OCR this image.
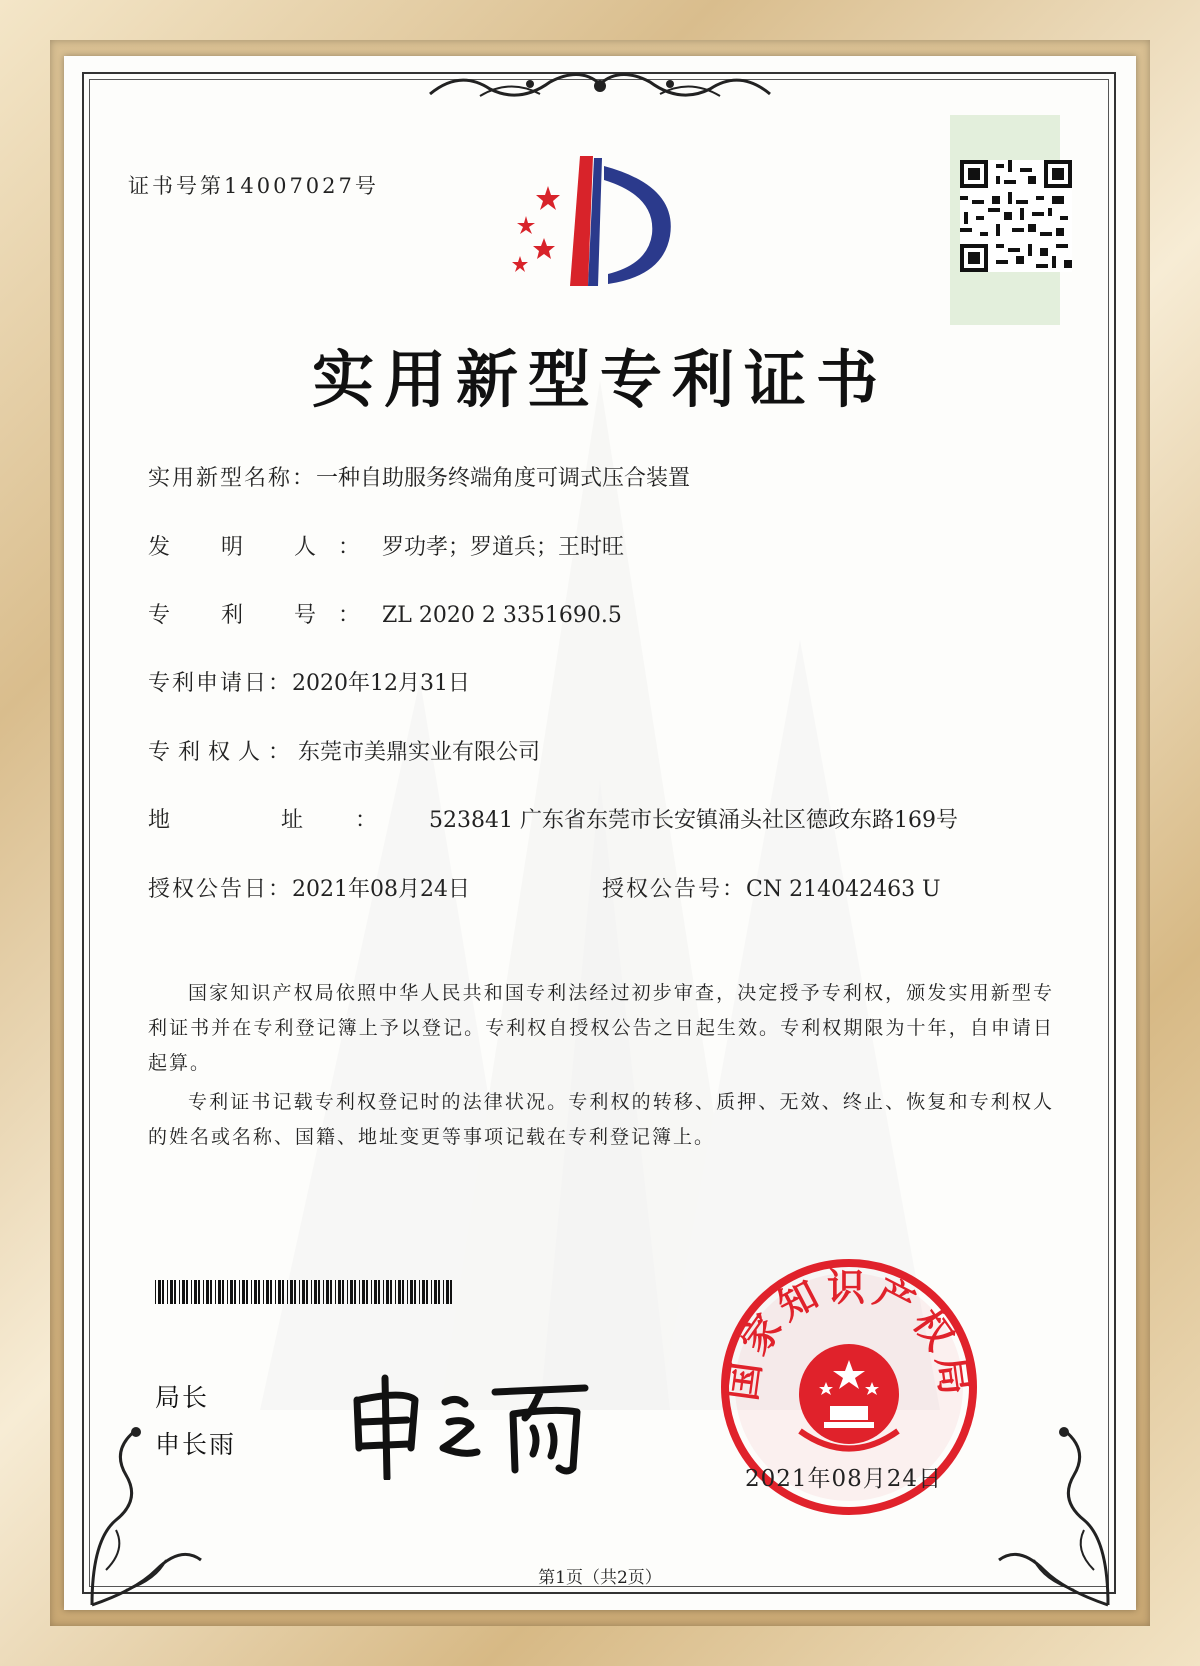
证书号第14007027号
实用新型专利证书
实用新型名称：一种自助服务终端角度可调式压合装置
发 明 人：罗功孝；罗道兵；王时旺
专 利 号：ZL 2020 2 3351690.5
专利申请日：2020年12月31日
专利权人：东莞市美鼎实业有限公司
地 址：523841 广东省东莞市长安镇涌头社区德政东路169号
授权公告日：2021年08月24日	授权公告号：CN 214042463 U
国家知识产权局依照中华人民共和国专利法经过初步审查，决定授予专利权，颁发实用新型专利证书并在专利登记簿上予以登记。专利权自授权公告之日起生效。专利权期限为十年，自申请日起算。
专利证书记载专利权登记时的法律状况。专利权的转移、质押、无效、终止、恢复和专利权人的姓名或名称、国籍、地址变更等事项记载在专利登记簿上。
局长
申长雨
国家知识产权局
2021年08月24日
第1页（共2页）
